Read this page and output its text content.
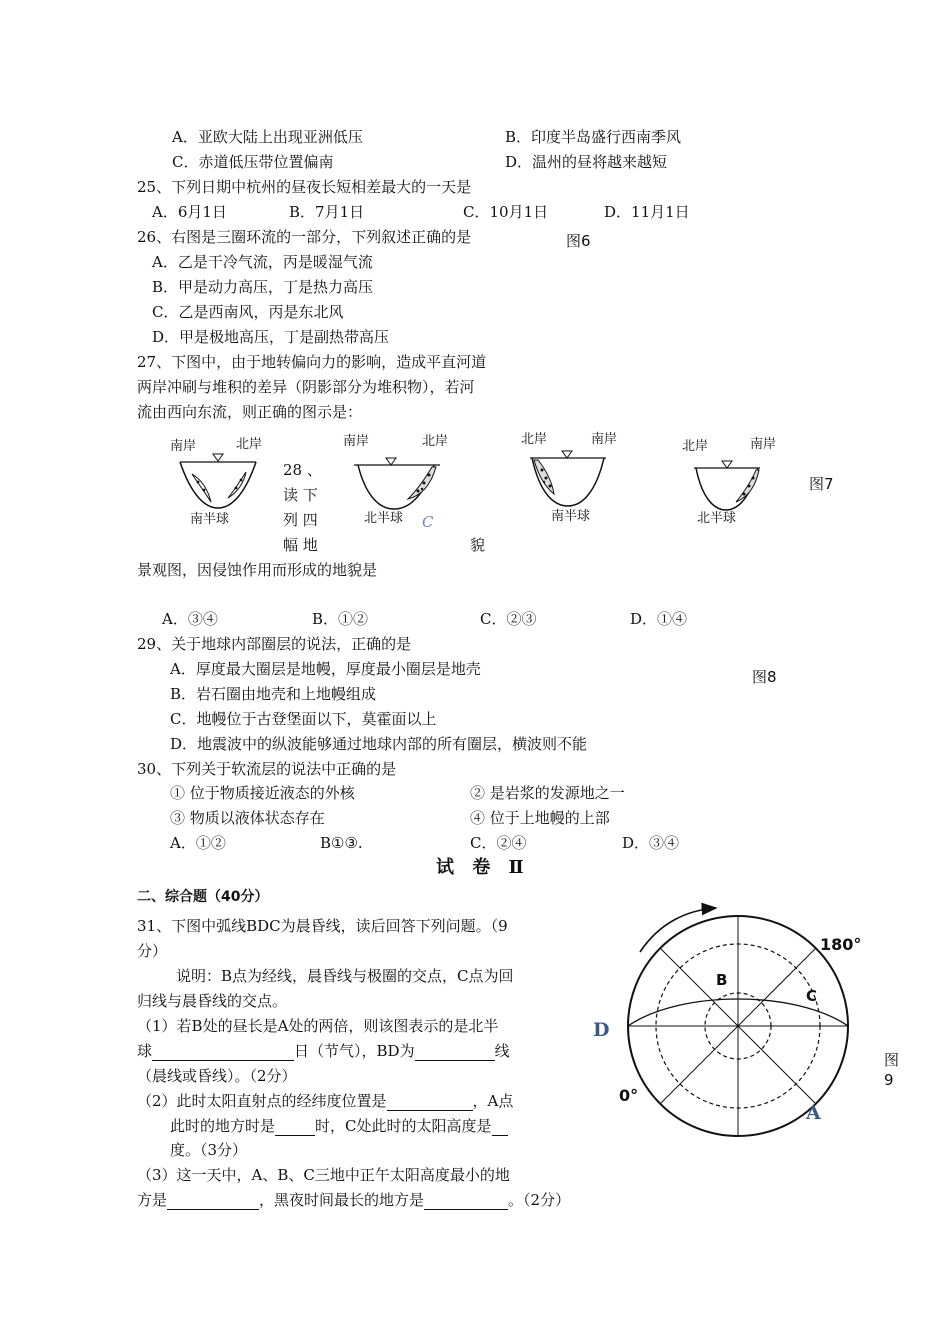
A．亚欧大陆上出现亚洲低压	B．印度半岛盛行西南季风
C．赤道低压带位置偏南	D．温州的昼将越来越短
25、下列日期中杭州的昼夜长短相差最大的一天是
A．6月1日	B．7月1日	C．10月1日	D．11月1日
26、右图是三圈环流的一部分，下列叙述正确的是	图6
A．乙是干冷气流，丙是暖湿气流
B．甲是动力高压，丁是热力高压
C．乙是西南风，丙是东北风
D．甲是极地高压，丁是副热带高压
27、下图中，由于地转偏向力的影响，造成平直河道
两岸冲刷与堆积的差异（阴影部分为堆积物），若河
流由西向东流，则正确的图示是：
南岸	北岸
南半球
南岸	北岸
北半球 C
北岸	南岸
南半球
北岸	南岸
北半球
图7
28 、
读 下
列 四
幅 地	貌
景观图，因侵蚀作用而形成的地貌是
A．③④	B．①②	C．②③	D．①④
29、关于地球内部圈层的说法，正确的是
A．厚度最大圈层是地幔，厚度最小圈层是地壳	图8
B．岩石圈由地壳和上地幔组成
C．地幔位于古登堡面以下，莫霍面以上
D．地震波中的纵波能够通过地球内部的所有圈层，横波则不能
30、下列关于软流层的说法中正确的是
① 位于物质接近液态的外核	② 是岩浆的发源地之一
③ 物质以液体状态存在	④ 位于上地幔的上部
A．①②	B①③.	C．②④	D．③④
试 卷 Ⅱ
二、综合题（40分）
31、下图中弧线BDC为晨昏线，读后回答下列问题。（9
分）
说明：B点为经线，晨昏线与极圈的交点，C点为回
归线与晨昏线的交点。
（1）若B处的昼长是A处的两倍，则该图表示的是北半
球	日（节气），BD为	线
（晨线或昏线）。（2分）
（2）此时太阳直射点的经纬度位置是	，A点
此时的地方时是	时，C处此时的太阳高度是
度。（3分）
（3）这一天中，A、B、C三地中正午太阳高度最小的地
方是	，黑夜时间最长的地方是	。（2分）
B
C
D
A
180°
0°
图
9
